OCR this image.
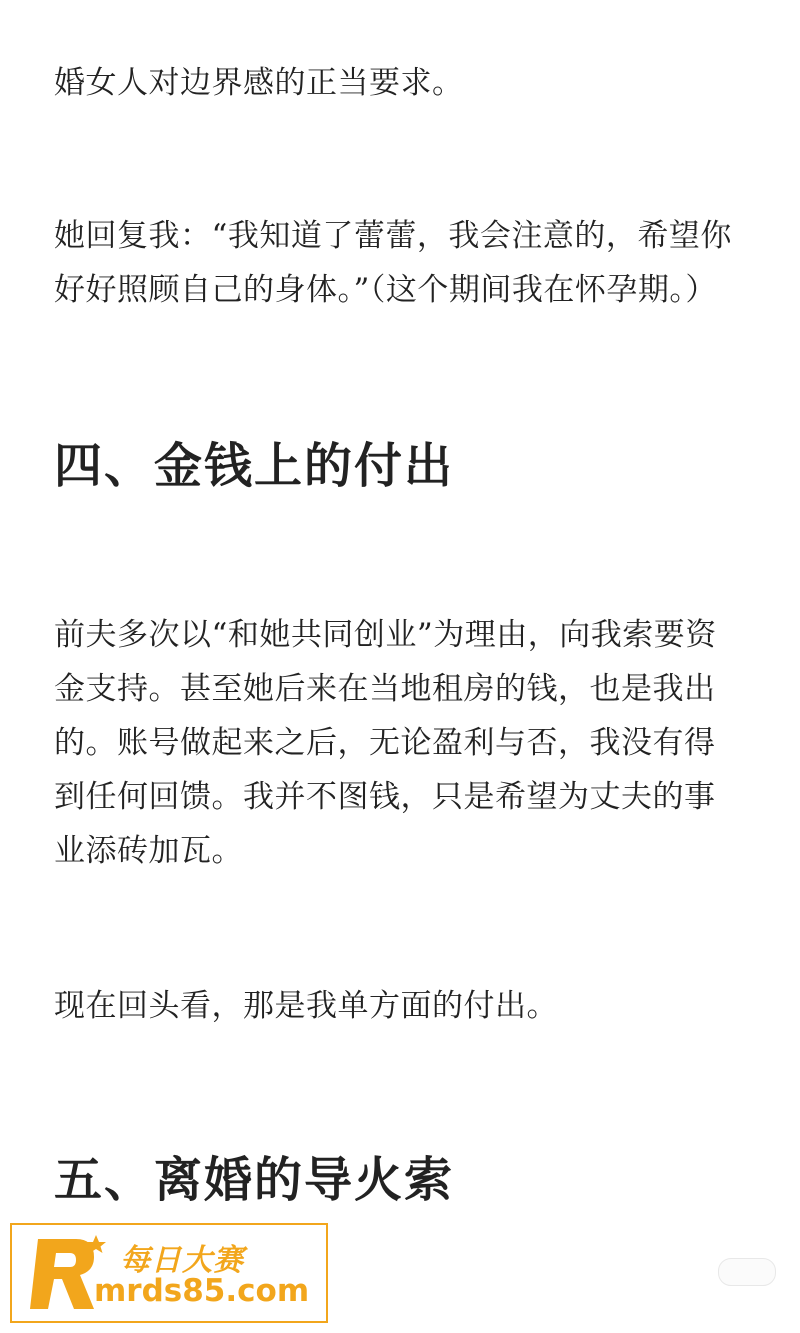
婚女人对边界感的正当要求。

她回复我：“我知道了蕾蕾，我会注意的，希望你好好照顾自己的身体。”（这个期间我在怀孕期。）

四、金钱上的付出

前夫多次以“和她共同创业”为理由，向我索要资金支持。甚至她后来在当地租房的钱，也是我出的。账号做起来之后，无论盈利与否，我没有得到任何回馈。我并不图钱，只是希望为丈夫的事业添砖加瓦。

现在回头看，那是我单方面的付出。

五、离婚的导火索
每日大赛
mrds85.com
